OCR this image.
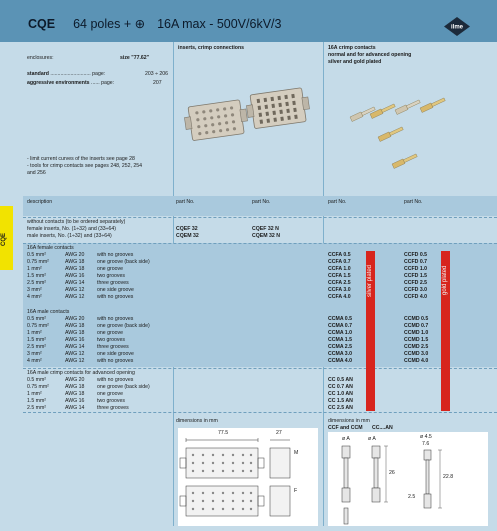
CQE 64 poles + ⊕ 16A max - 500V/6kV/3	ilme
CQE
inserts, crimp connections	16A crimp contacts
normal and for advanced opening
silver and gold plated
enclosures:	size "77.62"
standard ............................ page:	203 ÷ 206
aggressive environments ...... page:	207
- limit current curves of the inserts see page 28
- tools for crimp contacts see pages 248, 252, 254
and 256
description	part No.	part No.	part No.	part No.
without contacts (to be ordered separately)
female inserts, No. (1÷32) and (33÷64)	CQEF 32	CQEF 32 N
male inserts, No. (1÷32) and (33÷64)	CQEM 32	CQEM 32 N
16A female contacts
0.5 mm²	AWG 20 with no grooves	CCFA 0.5	CCFD 0.5
0.75 mm²	AWG 18 one groove (back side)	CCFA 0.7	CCFD 0.7
1 mm²	AWG 18 one groove	CCFA 1.0	CCFD 1.0
1.5 mm²	AWG 16 two grooves	CCFA 1.5	CCFD 1.5
2.5 mm²	AWG 14 three grooves	CCFA 2.5	CCFD 2.5
3 mm²	AWG 12 one side groove	CCFA 3.0	CCFD 3.0
4 mm²	AWG 12 with no grooves	CCFA 4.0	CCFD 4.0
16A male contacts
0.5 mm²	AWG 20 with no grooves	CCMA 0.5	CCMD 0.5
0.75 mm²	AWG 18 one groove (back side)	CCMA 0.7	CCMD 0.7
1 mm²	AWG 18 one groove	CCMA 1.0	CCMD 1.0
1.5 mm²	AWG 16 two grooves	CCMA 1.5	CCMD 1.5
2.5 mm²	AWG 14 three grooves	CCMA 2.5	CCMD 2.5
3 mm²	AWG 12 one side groove	CCMA 3.0	CCMD 3.0
4 mm²	AWG 12 with no grooves	CCMA 4.0	CCMD 4.0
16A male crimp contacts for advanced opening
0.5 mm²	AWG 20 with no grooves	CC 0.5 AN
0.75 mm²	AWG 18 one groove (back side)	CC 0.7 AN
1 mm²	AWG 18 one groove	CC 1.0 AN
1.5 mm²	AWG 16 two grooves	CC 1.5 AN
2.5 mm²	AWG 14 three grooves	CC 2.5 AN
silver plated	gold plated
dimensions in mm	dimensions in mm
CCF and CCM CC....AN
77.5	27
M
F
ø A	ø A	ø 4.5
7.6
26
22.8
2.5
